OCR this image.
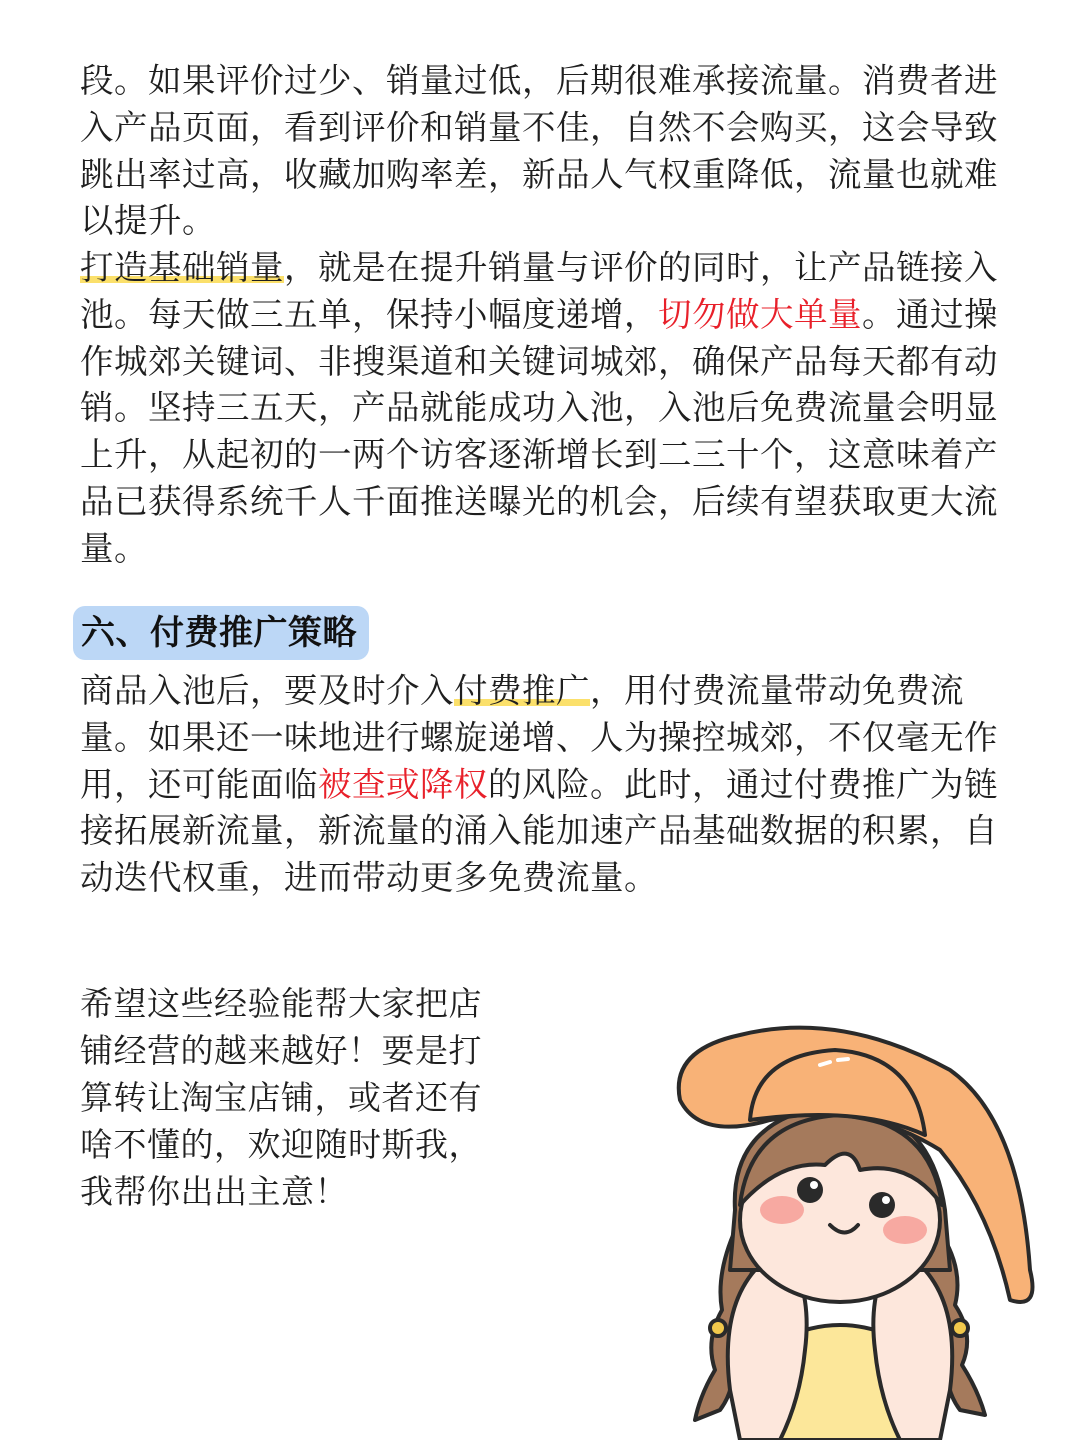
段。如果评价过少、销量过低，后期很难承接流量。消费者进入产品页面，看到评价和销量不佳，自然不会购买，这会导致跳出率过高，收藏加购率差，新品人气权重降低，流量也就难以提升。

打造基础销量，就是在提升销量与评价的同时，让产品链接入池。每天做三五单，保持小幅度递增，切勿做大单量。通过操作城郊关键词、非搜渠道和关键词城郊，确保产品每天都有动销。坚持三五天，产品就能成功入池，入池后免费流量会明显上升，从起初的一两个访客逐渐增长到二三十个，这意味着产品已获得系统千人千面推送曝光的机会，后续有望获取更大流量。

六、付费推广策略

商品入池后，要及时介入付费推广，用付费流量带动免费流量。如果还一味地进行螺旋递增、人为操控城郊，不仅毫无作用，还可能面临被查或降权的风险。此时，通过付费推广为链接拓展新流量，新流量的涌入能加速产品基础数据的积累，自动迭代权重，进而带动更多免费流量。

希望这些经验能帮大家把店
铺经营的越来越好！要是打
算转让淘宝店铺，或者还有
啥不懂的，欢迎随时斯我，
我帮你出出主意！
